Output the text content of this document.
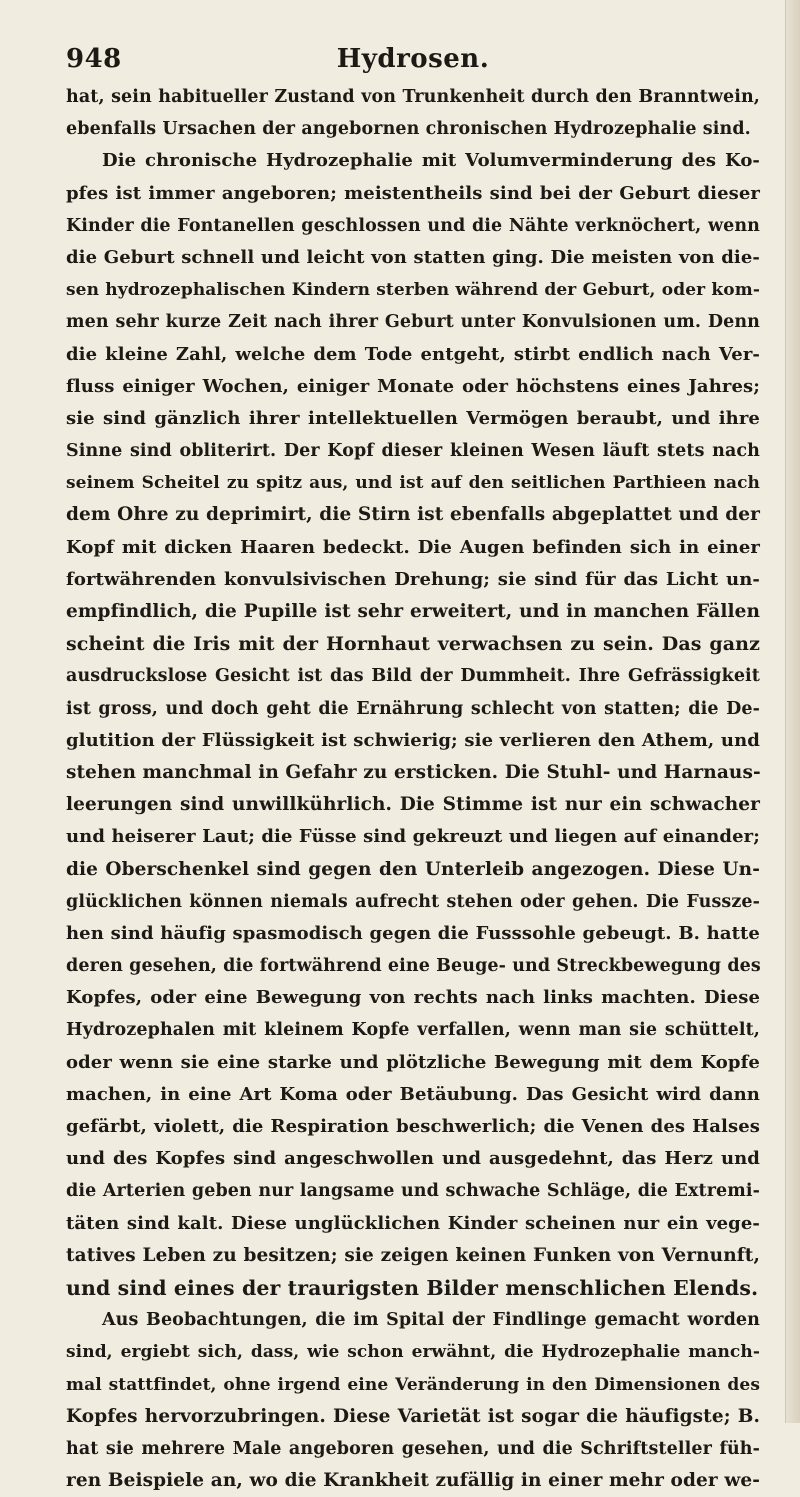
948	Hydrosen.
hat, sein habitueller Zustand von Trunkenheit durch den Branntwein,
ebenfalls Ursachen der angebornen chronischen Hydrozephalie sind.
Die chronische Hydrozephalie mit Volumverminderung des Ko-
pfes ist immer angeboren; meistentheils sind bei der Geburt dieser
Kinder die Fontanellen geschlossen und die Nähte verknöchert, wenn
die Geburt schnell und leicht von statten ging. Die meisten von die-
sen hydrozephalischen Kindern sterben während der Geburt, oder kom-
men sehr kurze Zeit nach ihrer Geburt unter Konvulsionen um. Denn
die kleine Zahl, welche dem Tode entgeht, stirbt endlich nach Ver-
fluss einiger Wochen, einiger Monate oder höchstens eines Jahres;
sie sind gänzlich ihrer intellektuellen Vermögen beraubt, und ihre
Sinne sind obliterirt. Der Kopf dieser kleinen Wesen läuft stets nach
seinem Scheitel zu spitz aus, und ist auf den seitlichen Parthieen nach
dem Ohre zu deprimirt, die Stirn ist ebenfalls abgeplattet und der
Kopf mit dicken Haaren bedeckt. Die Augen befinden sich in einer
fortwährenden konvulsivischen Drehung; sie sind für das Licht un-
empfindlich, die Pupille ist sehr erweitert, und in manchen Fällen
scheint die Iris mit der Hornhaut verwachsen zu sein. Das ganz
ausdruckslose Gesicht ist das Bild der Dummheit. Ihre Gefrässigkeit
ist gross, und doch geht die Ernährung schlecht von statten; die De-
glutition der Flüssigkeit ist schwierig; sie verlieren den Athem, und
stehen manchmal in Gefahr zu ersticken. Die Stuhl- und Harnaus-
leerungen sind unwillkührlich. Die Stimme ist nur ein schwacher
und heiserer Laut; die Füsse sind gekreuzt und liegen auf einander;
die Oberschenkel sind gegen den Unterleib angezogen. Diese Un-
glücklichen können niemals aufrecht stehen oder gehen. Die Fussze-
hen sind häufig spasmodisch gegen die Fusssohle gebeugt. B. hatte
deren gesehen, die fortwährend eine Beuge- und Streckbewegung des
Kopfes, oder eine Bewegung von rechts nach links machten. Diese
Hydrozephalen mit kleinem Kopfe verfallen, wenn man sie schüttelt,
oder wenn sie eine starke und plötzliche Bewegung mit dem Kopfe
machen, in eine Art Koma oder Betäubung. Das Gesicht wird dann
gefärbt, violett, die Respiration beschwerlich; die Venen des Halses
und des Kopfes sind angeschwollen und ausgedehnt, das Herz und
die Arterien geben nur langsame und schwache Schläge, die Extremi-
täten sind kalt. Diese unglücklichen Kinder scheinen nur ein vege-
tatives Leben zu besitzen; sie zeigen keinen Funken von Vernunft,
und sind eines der traurigsten Bilder menschlichen Elends.
Aus Beobachtungen, die im Spital der Findlinge gemacht worden
sind, ergiebt sich, dass, wie schon erwähnt, die Hydrozephalie manch-
mal stattfindet, ohne irgend eine Veränderung in den Dimensionen des
Kopfes hervorzubringen. Diese Varietät ist sogar die häufigste; B.
hat sie mehrere Male angeboren gesehen, und die Schriftsteller füh-
ren Beispiele an, wo die Krankheit zufällig in einer mehr oder we-
